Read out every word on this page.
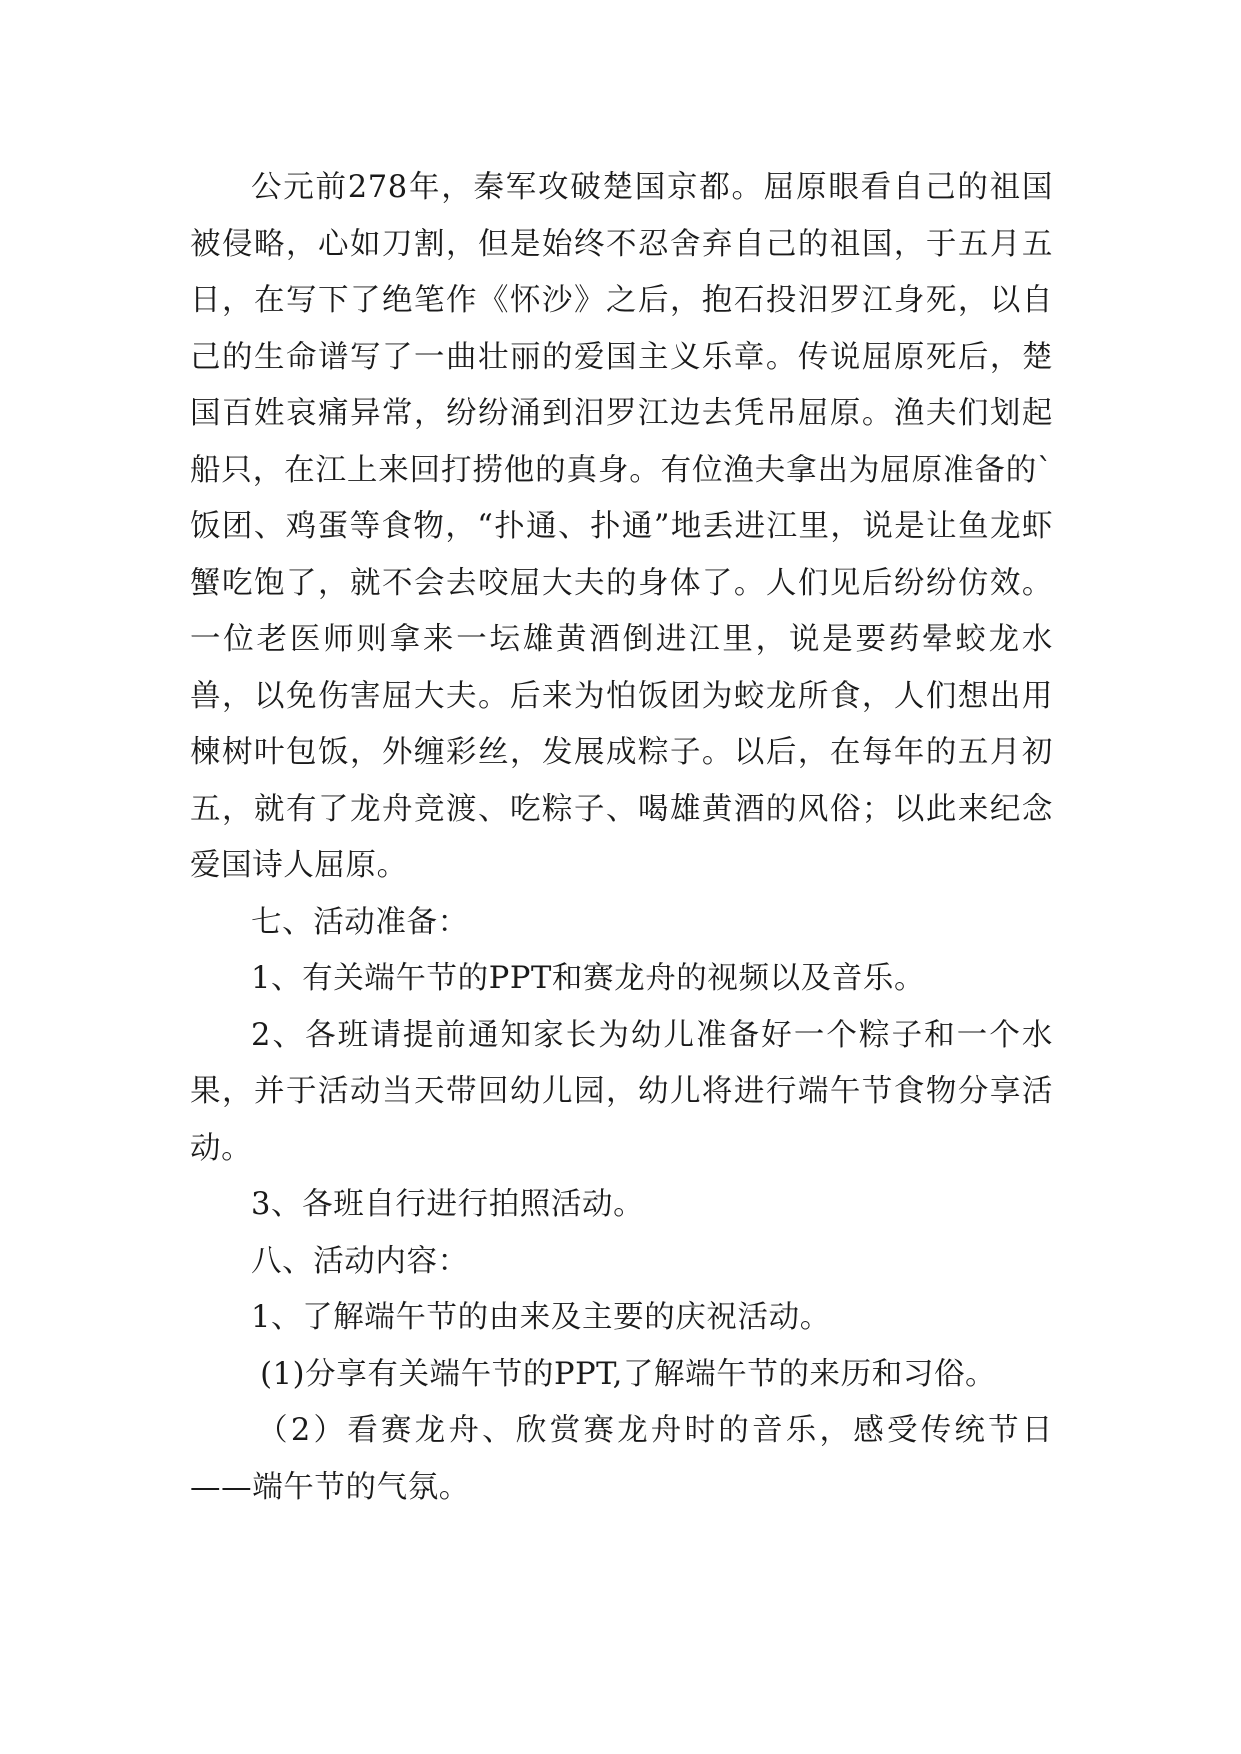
公元前278年，秦军攻破楚国京都。屈原眼看自己的祖国被侵略，心如刀割，但是始终不忍舍弃自己的祖国，于五月五日，在写下了绝笔作《怀沙》之后，抱石投汨罗江身死，以自己的生命谱写了一曲壮丽的爱国主义乐章。传说屈原死后，楚国百姓哀痛异常，纷纷涌到汨罗江边去凭吊屈原。渔夫们划起船只，在江上来回打捞他的真身。有位渔夫拿出为屈原准备的`饭团、鸡蛋等食物，“扑通、扑通”地丢进江里，说是让鱼龙虾蟹吃饱了，就不会去咬屈大夫的身体了。人们见后纷纷仿效。一位老医师则拿来一坛雄黄酒倒进江里，说是要药晕蛟龙水兽，以免伤害屈大夫。后来为怕饭团为蛟龙所食，人们想出用楝树叶包饭，外缠彩丝，发展成粽子。以后，在每年的五月初五，就有了龙舟竞渡、吃粽子、喝雄黄酒的风俗；以此来纪念爱国诗人屈原。

七、活动准备：

1、有关端午节的PPT和赛龙舟的视频以及音乐。

2、各班请提前通知家长为幼儿准备好一个粽子和一个水果，并于活动当天带回幼儿园，幼儿将进行端午节食物分享活动。

3、各班自行进行拍照活动。

八、活动内容：

1、了解端午节的由来及主要的庆祝活动。

(1)分享有关端午节的PPT,了解端午节的来历和习俗。

（2）看赛龙舟、欣赏赛龙舟时的音乐，感受传统节日——端午节的气氛。
